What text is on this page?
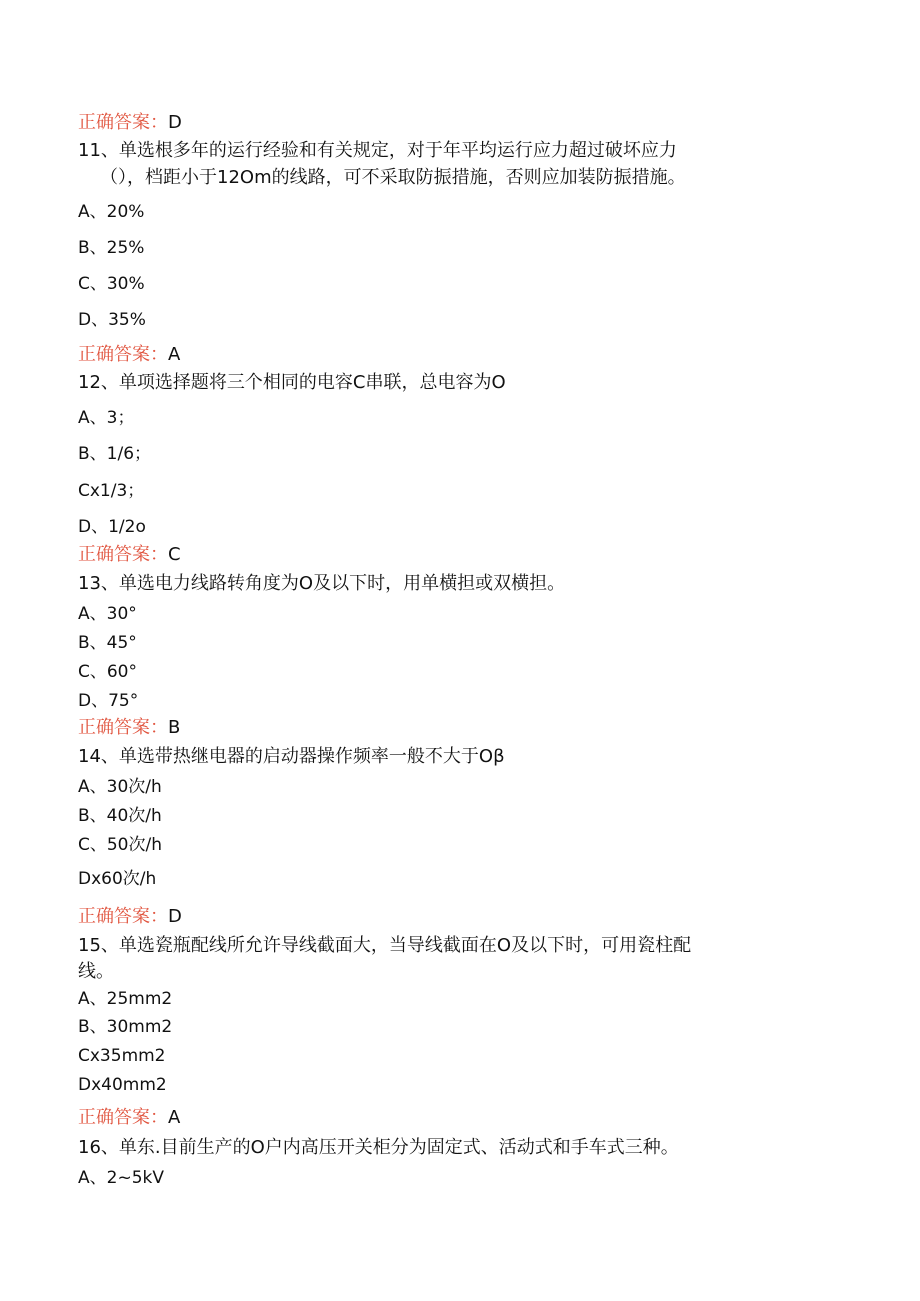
正确答案：D
11、单选根多年的运行经验和有关规定，对于年平均运行应力超过破坏应力
（），档距小于12Om的线路，可不采取防振措施，否则应加装防振措施。
A、20%
B、25%
C、30%
D、35%
正确答案：A
12、单项选择题将三个相同的电容C串联，总电容为O
A、3；
B、1/6；
Cx1/3；
D、1/2o
正确答案：C
13、单选电力线路转角度为O及以下时，用单横担或双横担。
A、30°
B、45°
C、60°
D、75°
正确答案：B
14、单选带热继电器的启动器操作频率一般不大于Oβ
A、30次/h
B、40次/h
C、50次/h
Dx60次/h
正确答案：D
15、单选瓷瓶配线所允许导线截面大，当导线截面在O及以下时，可用瓷柱配
线。
A、25mm2
B、30mm2
Cx35mm2
Dx40mm2
正确答案：A
16、单东.目前生产的O户内高压开关柜分为固定式、活动式和手车式三种。
A、2~5kV
